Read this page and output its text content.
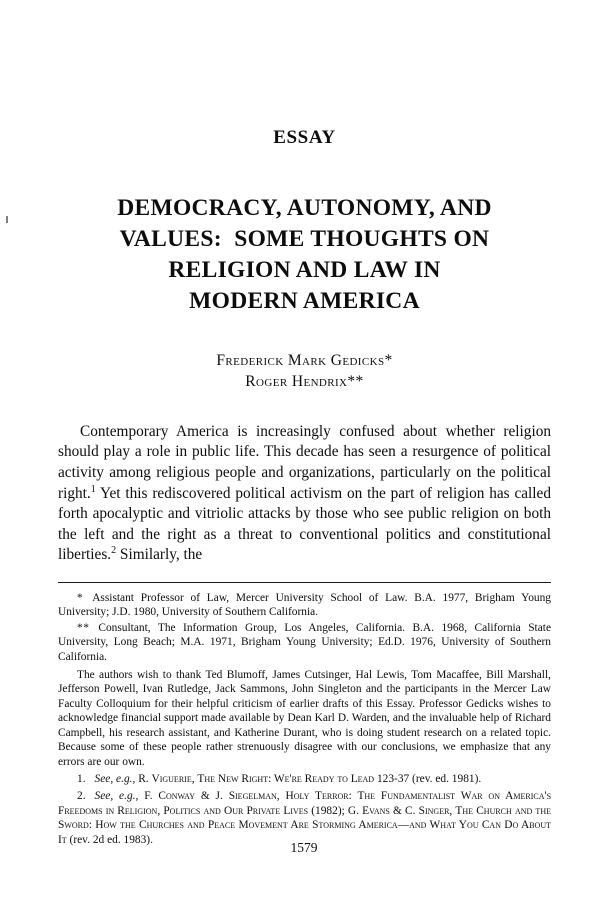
ESSAY
DEMOCRACY, AUTONOMY, AND
VALUES:  SOME THOUGHTS ON
RELIGION AND LAW IN
MODERN AMERICA
Frederick Mark Gedicks*
Roger Hendrix**

Contemporary America is increasingly confused about whether religion should play a role in public life. This decade has seen a resurgence of political activity among religious people and organizations, particularly on the political right.$^1$ Yet this rediscovered political activism on the part of religion has called forth apocalyptic and vitriolic attacks by those who see public religion on both the left and the right as a threat to conventional politics and constitutional liberties.$^2$ Similarly, the

* Assistant Professor of Law, Mercer University School of Law. B.A. 1977, Brigham Young University; J.D. 1980, University of Southern California.

** Consultant, The Information Group, Los Angeles, California. B.A. 1968, California State University, Long Beach; M.A. 1971, Brigham Young University; Ed.D. 1976, University of Southern California.

The authors wish to thank Ted Blumoff, James Cutsinger, Hal Lewis, Tom Macaffee, Bill Marshall, Jefferson Powell, Ivan Rutledge, Jack Sammons, John Singleton and the participants in the Mercer Law Faculty Colloquium for their helpful criticism of earlier drafts of this Essay. Professor Gedicks wishes to acknowledge financial support made available by Dean Karl D. Warden, and the invaluable help of Richard Campbell, his research assistant, and Katherine Durant, who is doing student research on a related topic. Because some of these people rather strenuously disagree with our conclusions, we emphasize that any errors are our own.

1. See, e.g., R. Viguerie, The New Right: We're Ready to Lead 123-37 (rev. ed. 1981).

2. See, e.g., F. Conway & J. Siegelman, Holy Terror: The Fundamentalist War on America's Freedoms in Religion, Politics and Our Private Lives (1982); G. Evans & C. Singer, The Church and the Sword: How the Churches and Peace Movement Are Storming America—and What You Can Do About It (rev. 2d ed. 1983).

1579
